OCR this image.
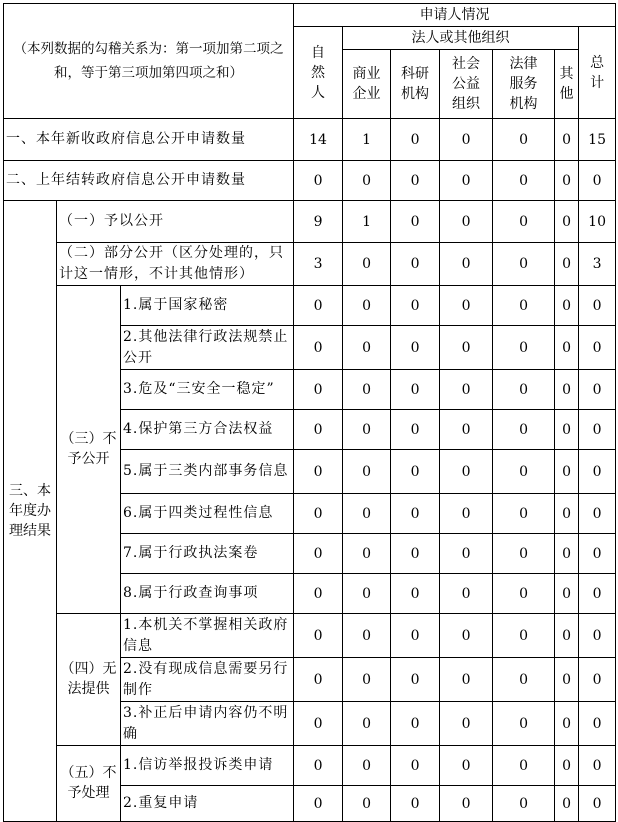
（本列数据的勾稽关系为：第一项加第二项之和，等于第三项加第四项之和）			申请人情况						
			自然人	法人或其他组织					总计
				商业企业	科研机构	社会公益组织	法律服务机构	其他	
一、本年新收政府信息公开申请数量			14	1	0	0	0	0	15
二、上年结转政府信息公开申请数量			0	0	0	0	0	0	0
三、本年度办理结果	（一）予以公开		9	1	0	0	0	0	10
	（二）部分公开（区分处理的，只计这一情形，不计其他情形）		3	0	0	0	0	0	3
	（三）不予公开	1.属于国家秘密	0	0	0	0	0	0	0
		2.其他法律行政法规禁止公开	0	0	0	0	0	0	0
		3.危及“三安全一稳定”	0	0	0	0	0	0	0
		4.保护第三方合法权益	0	0	0	0	0	0	0
		5.属于三类内部事务信息	0	0	0	0	0	0	0
		6.属于四类过程性信息	0	0	0	0	0	0	0
		7.属于行政执法案卷	0	0	0	0	0	0	0
		8.属于行政查询事项	0	0	0	0	0	0	0
	（四）无法提供	1.本机关不掌握相关政府信息	0	0	0	0	0	0	0
		2.没有现成信息需要另行制作	0	0	0	0	0	0	0
		3.补正后申请内容仍不明确	0	0	0	0	0	0	0
	（五）不予处理	1.信访举报投诉类申请	0	0	0	0	0	0	0
		2.重复申请	0	0	0	0	0	0	0
